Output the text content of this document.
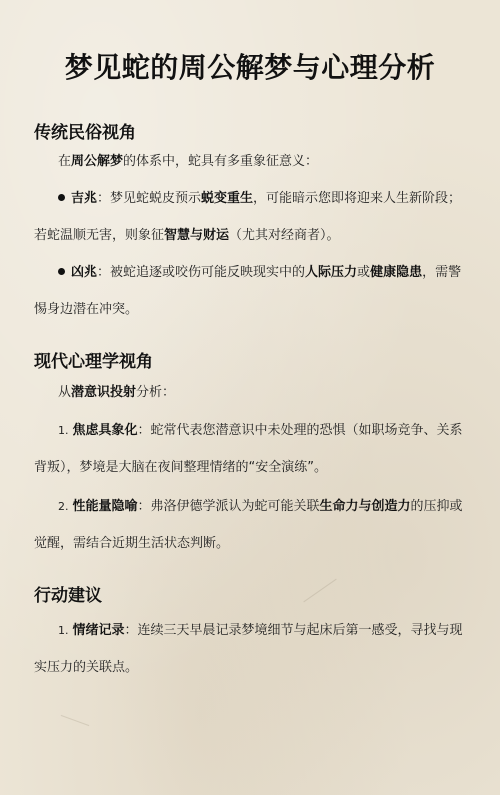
梦见蛇的周公解梦与心理分析
传统民俗视角

在周公解梦的体系中，蛇具有多重象征意义：

吉兆：梦见蛇蜕皮预示蜕变重生，可能暗示您即将迎来人生新阶段；若蛇温顺无害，则象征智慧与财运（尤其对经商者）。

凶兆：被蛇追逐或咬伤可能反映现实中的人际压力或健康隐患，需警惕身边潜在冲突。

现代心理学视角

从潜意识投射分析：

1. 焦虑具象化：蛇常代表您潜意识中未处理的恐惧（如职场竞争、关系背叛），梦境是大脑在夜间整理情绪的“安全演练”。

2. 性能量隐喻：弗洛伊德学派认为蛇可能关联生命力与创造力的压抑或觉醒，需结合近期生活状态判断。

行动建议

1. 情绪记录：连续三天早晨记录梦境细节与起床后第一感受，寻找与现实压力的关联点。
